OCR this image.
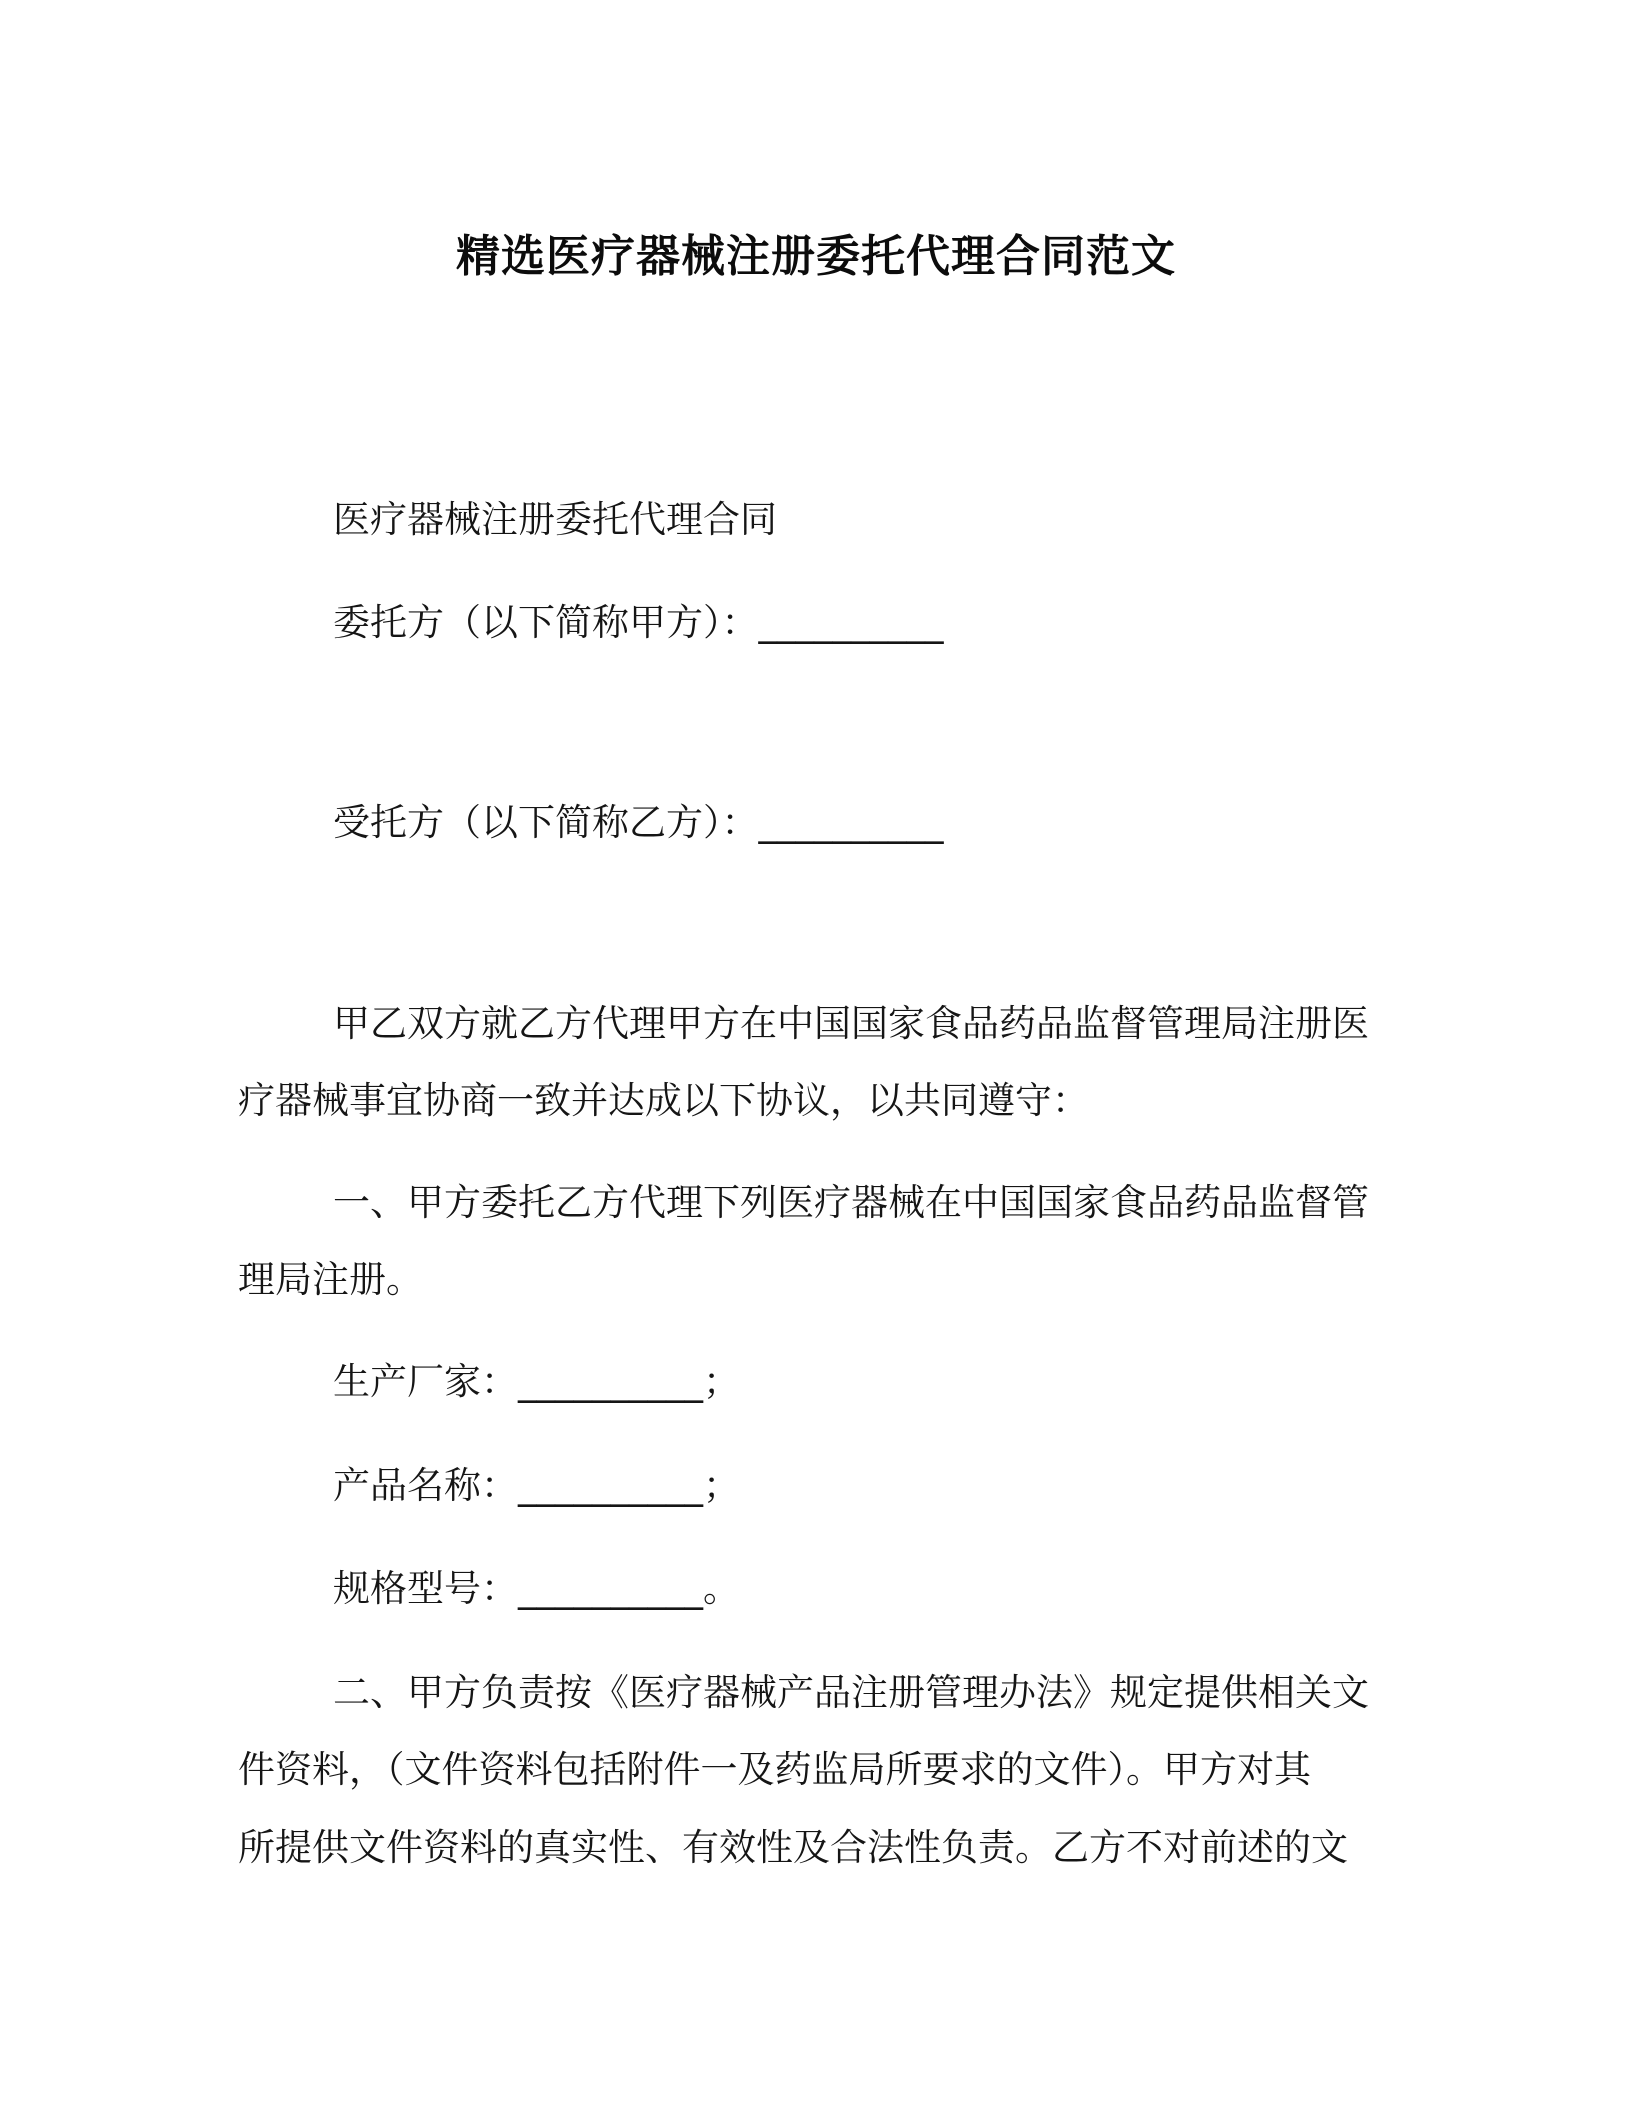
精选医疗器械注册委托代理合同范文
医疗器械注册委托代理合同
委托方（以下简称甲方）：__________
受托方（以下简称乙方）：__________
甲乙双方就乙方代理甲方在中国国家食品药品监督管理局注册医
疗器械事宜协商一致并达成以下协议，以共同遵守：
一、甲方委托乙方代理下列医疗器械在中国国家食品药品监督管
理局注册。
生产厂家：__________；
产品名称：__________；
规格型号：__________。
二、甲方负责按《医疗器械产品注册管理办法》规定提供相关文
件资料，（文件资料包括附件一及药监局所要求的文件）。甲方对其
所提供文件资料的真实性、有效性及合法性负责。乙方不对前述的文
